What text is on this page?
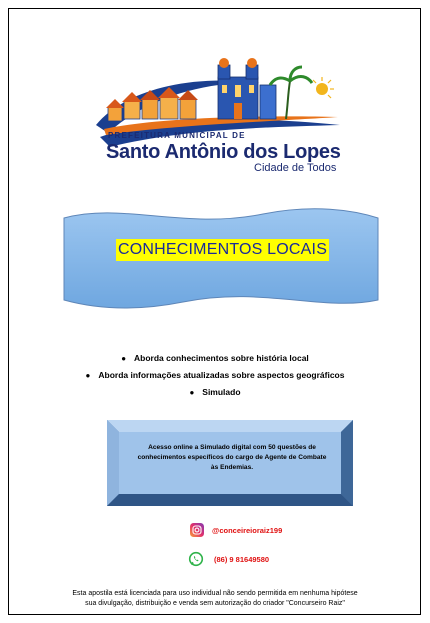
PREFEITURA MUNICIPAL DE
Santo Antônio dos Lopes
Cidade de Todos
CONHECIMENTOS LOCAIS
● Aborda conhecimentos sobre história local
● Aborda informações atualizadas sobre aspectos geográficos
● Simulado
Acesso online a Simulado digital com 50 questões de
conhecimentos específicos do cargo de Agente de Combate
às Endemias.
@conceireioraiz199
(86) 9 81649580
Esta apostila está licenciada para uso individual não sendo permitida em nenhuma hipótese
sua divulgação, distribuição e venda sem autorização do criador "Concurseiro Raiz"
